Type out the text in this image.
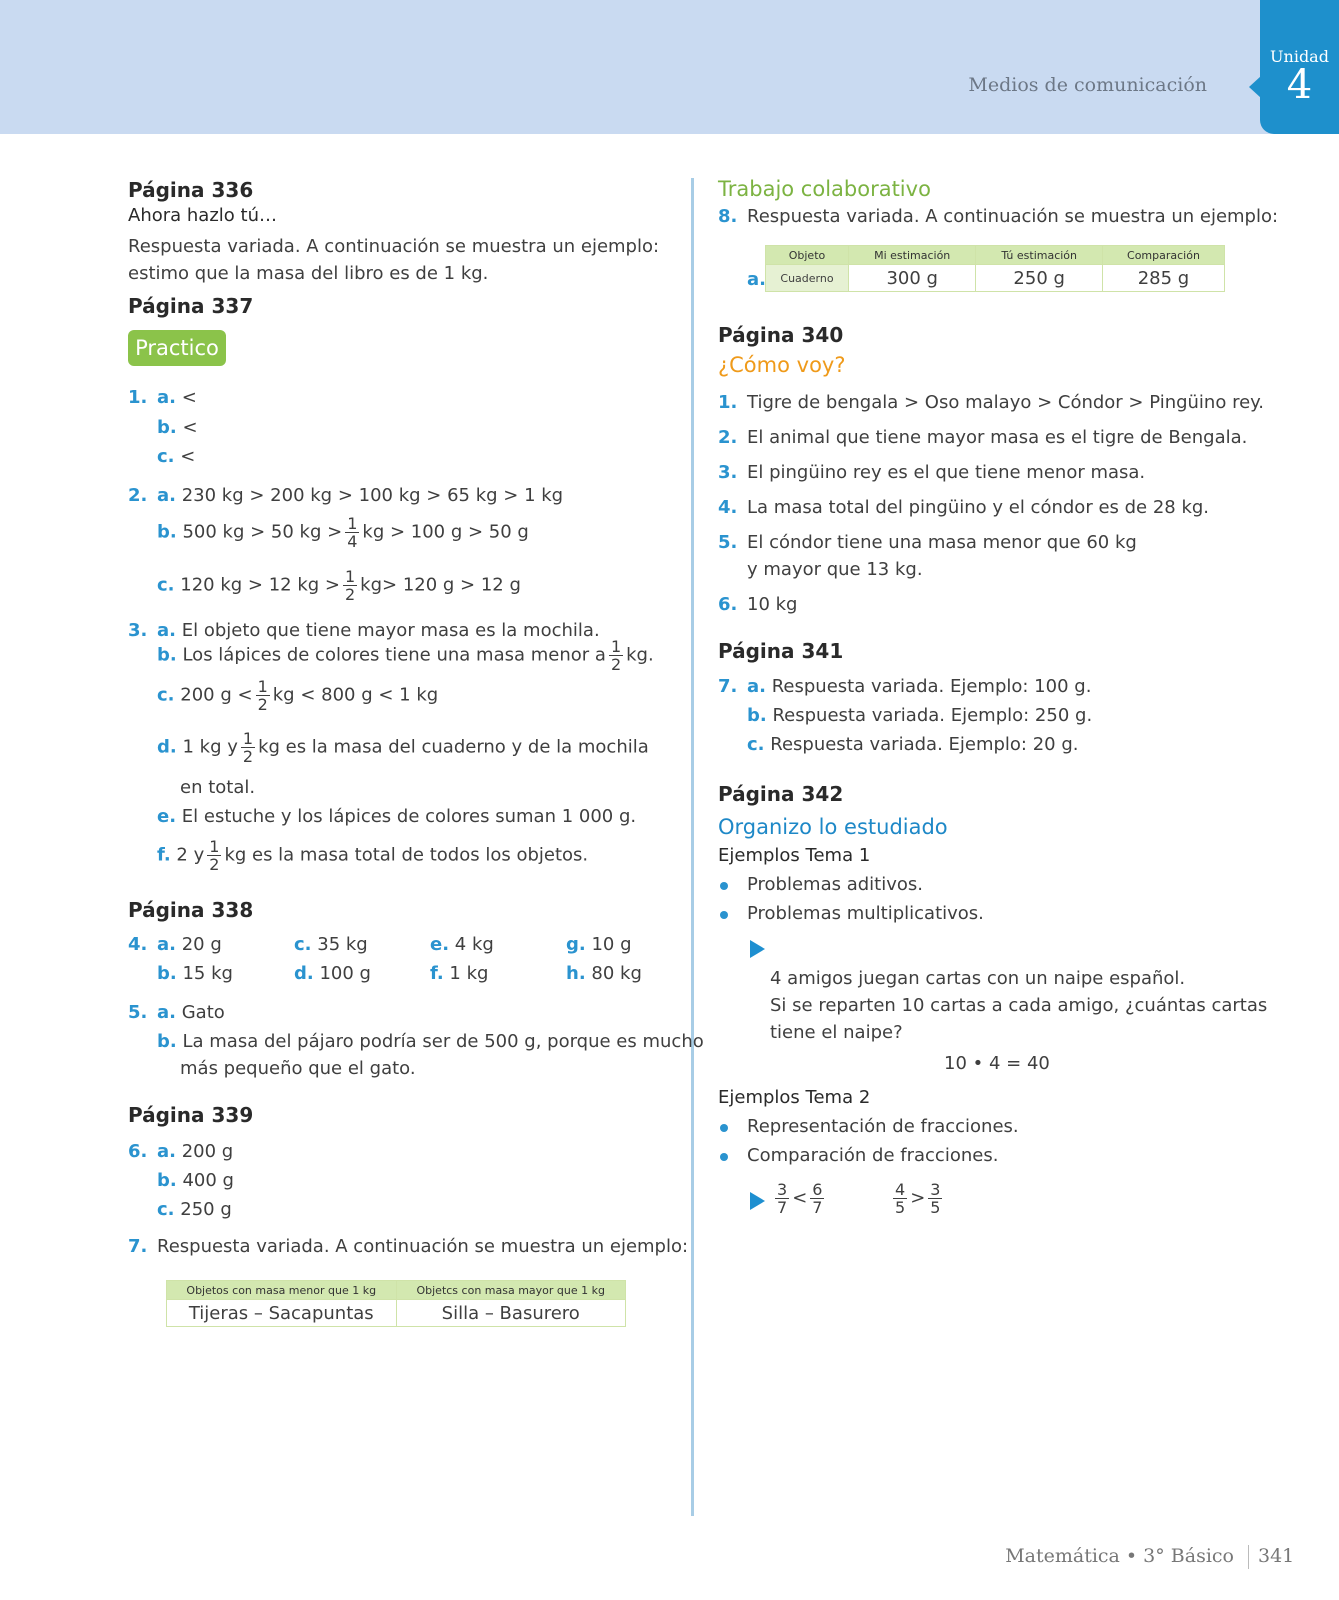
Medios de comunicación
Unidad
4
Página 336
Ahora hazlo tú…
Respuesta variada. A continuación se muestra un ejemplo:
estimo que la masa del libro es de 1 kg.
Página 337
Practico
1. a. <
b. <
c. <
2. a. 230 kg > 200 kg > 100 kg > 65 kg > 1 kg
b. 500 kg > 50 kg > $\frac{1}{4}$ kg > 100 g > 50 g
c. 120 kg > 12 kg > $\frac{1}{2} kg> 120$ g > 12 g
3. a. El objeto que tiene mayor masa es la mochila.
b. Los lápices de colores tiene una masa menor a $\frac{1}{2}$ kg.
c. 200 $g < \frac{1}{2}$ kg < 800 g < 1 kg
d. 1 kg y $\frac{1}{2}$ kg es la masa del cuaderno y de la mochila
en total.
e. El estuche y los lápices de colores suman 1 000 g.
f. 2 y $\frac{1}{2}$ kg es la masa total de todos los objetos.
Página 338
4. a. 20 g
b. 15 kg
c. 35 kg
d. 100 g
e. 4 kg
f. 1 kg
g. 10 g
h. 80 kg
5. a. Gato
b. La masa del pájaro podría ser de 500 g, porque es mucho
más pequeño que el gato.
Página 339
6. a. 200 g
b. 400 g
c. 250 g
7. Respuesta variada. A continuación se muestra un ejemplo:
Objetos con masa menor que 1 kg	Objetcs con masa mayor que 1 kg
Tijeras – Sacapuntas	Silla – Basurero
Trabajo colaborativo
8. Respuesta variada. A continuación se muestra un ejemplo:
a.
Objeto	Mi estimación	Tú estimación	Comparación
Cuaderno	300 g	250 g	285 g
Página 340
¿Cómo voy?
1. Tigre de bengala > Oso malayo > Cóndor > Pingüino rey.
2. El animal que tiene mayor masa es el tigre de Bengala.
3. El pingüino rey es el que tiene menor masa.
4. La masa total del pingüino y el cóndor es de 28 kg.
5. El cóndor tiene una masa menor que 60 kg
y mayor que 13 kg.
6. 10 kg
Página 341
7. a. Respuesta variada. Ejemplo: 100 g.
b. Respuesta variada. Ejemplo: 250 g.
c. Respuesta variada. Ejemplo: 20 g.
Página 342
Organizo lo estudiado
Ejemplos Tema 1
Problemas aditivos.
Problemas multiplicativos.
4 amigos juegan cartas con un naipe español.
Si se reparten 10 cartas a cada amigo, ¿cuántas cartas
tiene el naipe?
10 • 4 = 40
Ejemplos Tema 2
Representación de fracciones.
Comparación de fracciones.
$\frac{3}{7} < \frac{6}{7}$	$\frac{4}{5} > \frac{3}{5}$
Matemática • 3° Básico 341
